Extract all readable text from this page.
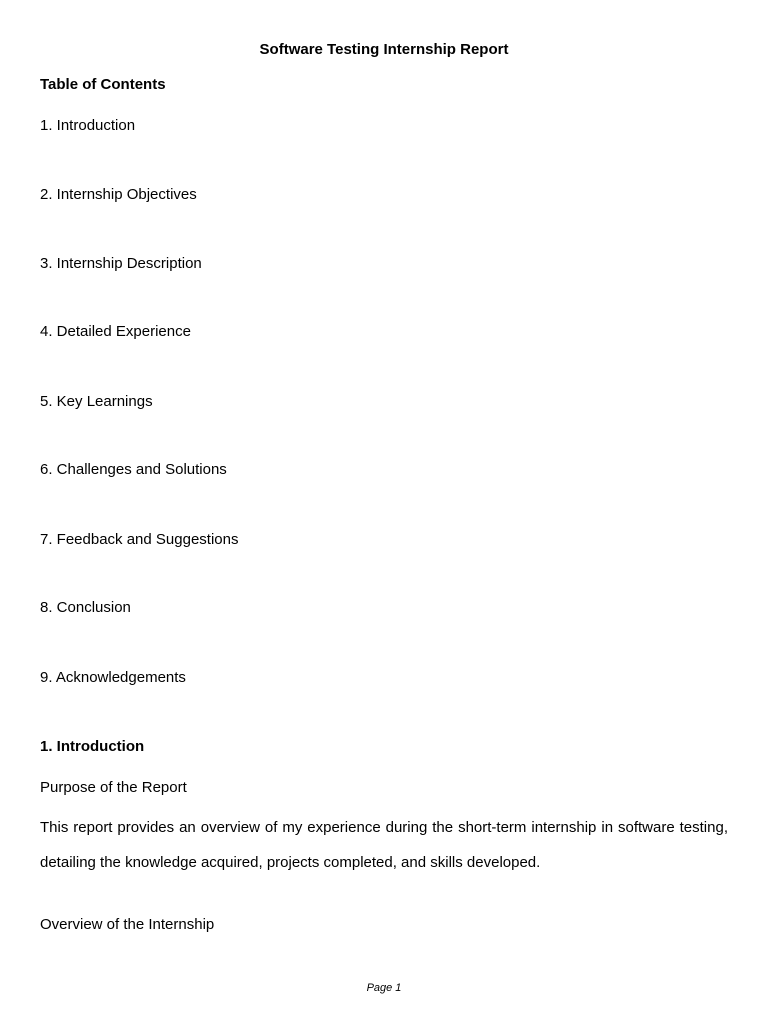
Software Testing Internship Report
Table of Contents
1. Introduction
2. Internship Objectives
3. Internship Description
4. Detailed Experience
5. Key Learnings
6. Challenges and Solutions
7. Feedback and Suggestions
8. Conclusion
9. Acknowledgements
1. Introduction

Purpose of the Report

This report provides an overview of my experience during the short-term internship in software testing, detailing the knowledge acquired, projects completed, and skills developed.

Overview of the Internship

Page 1
